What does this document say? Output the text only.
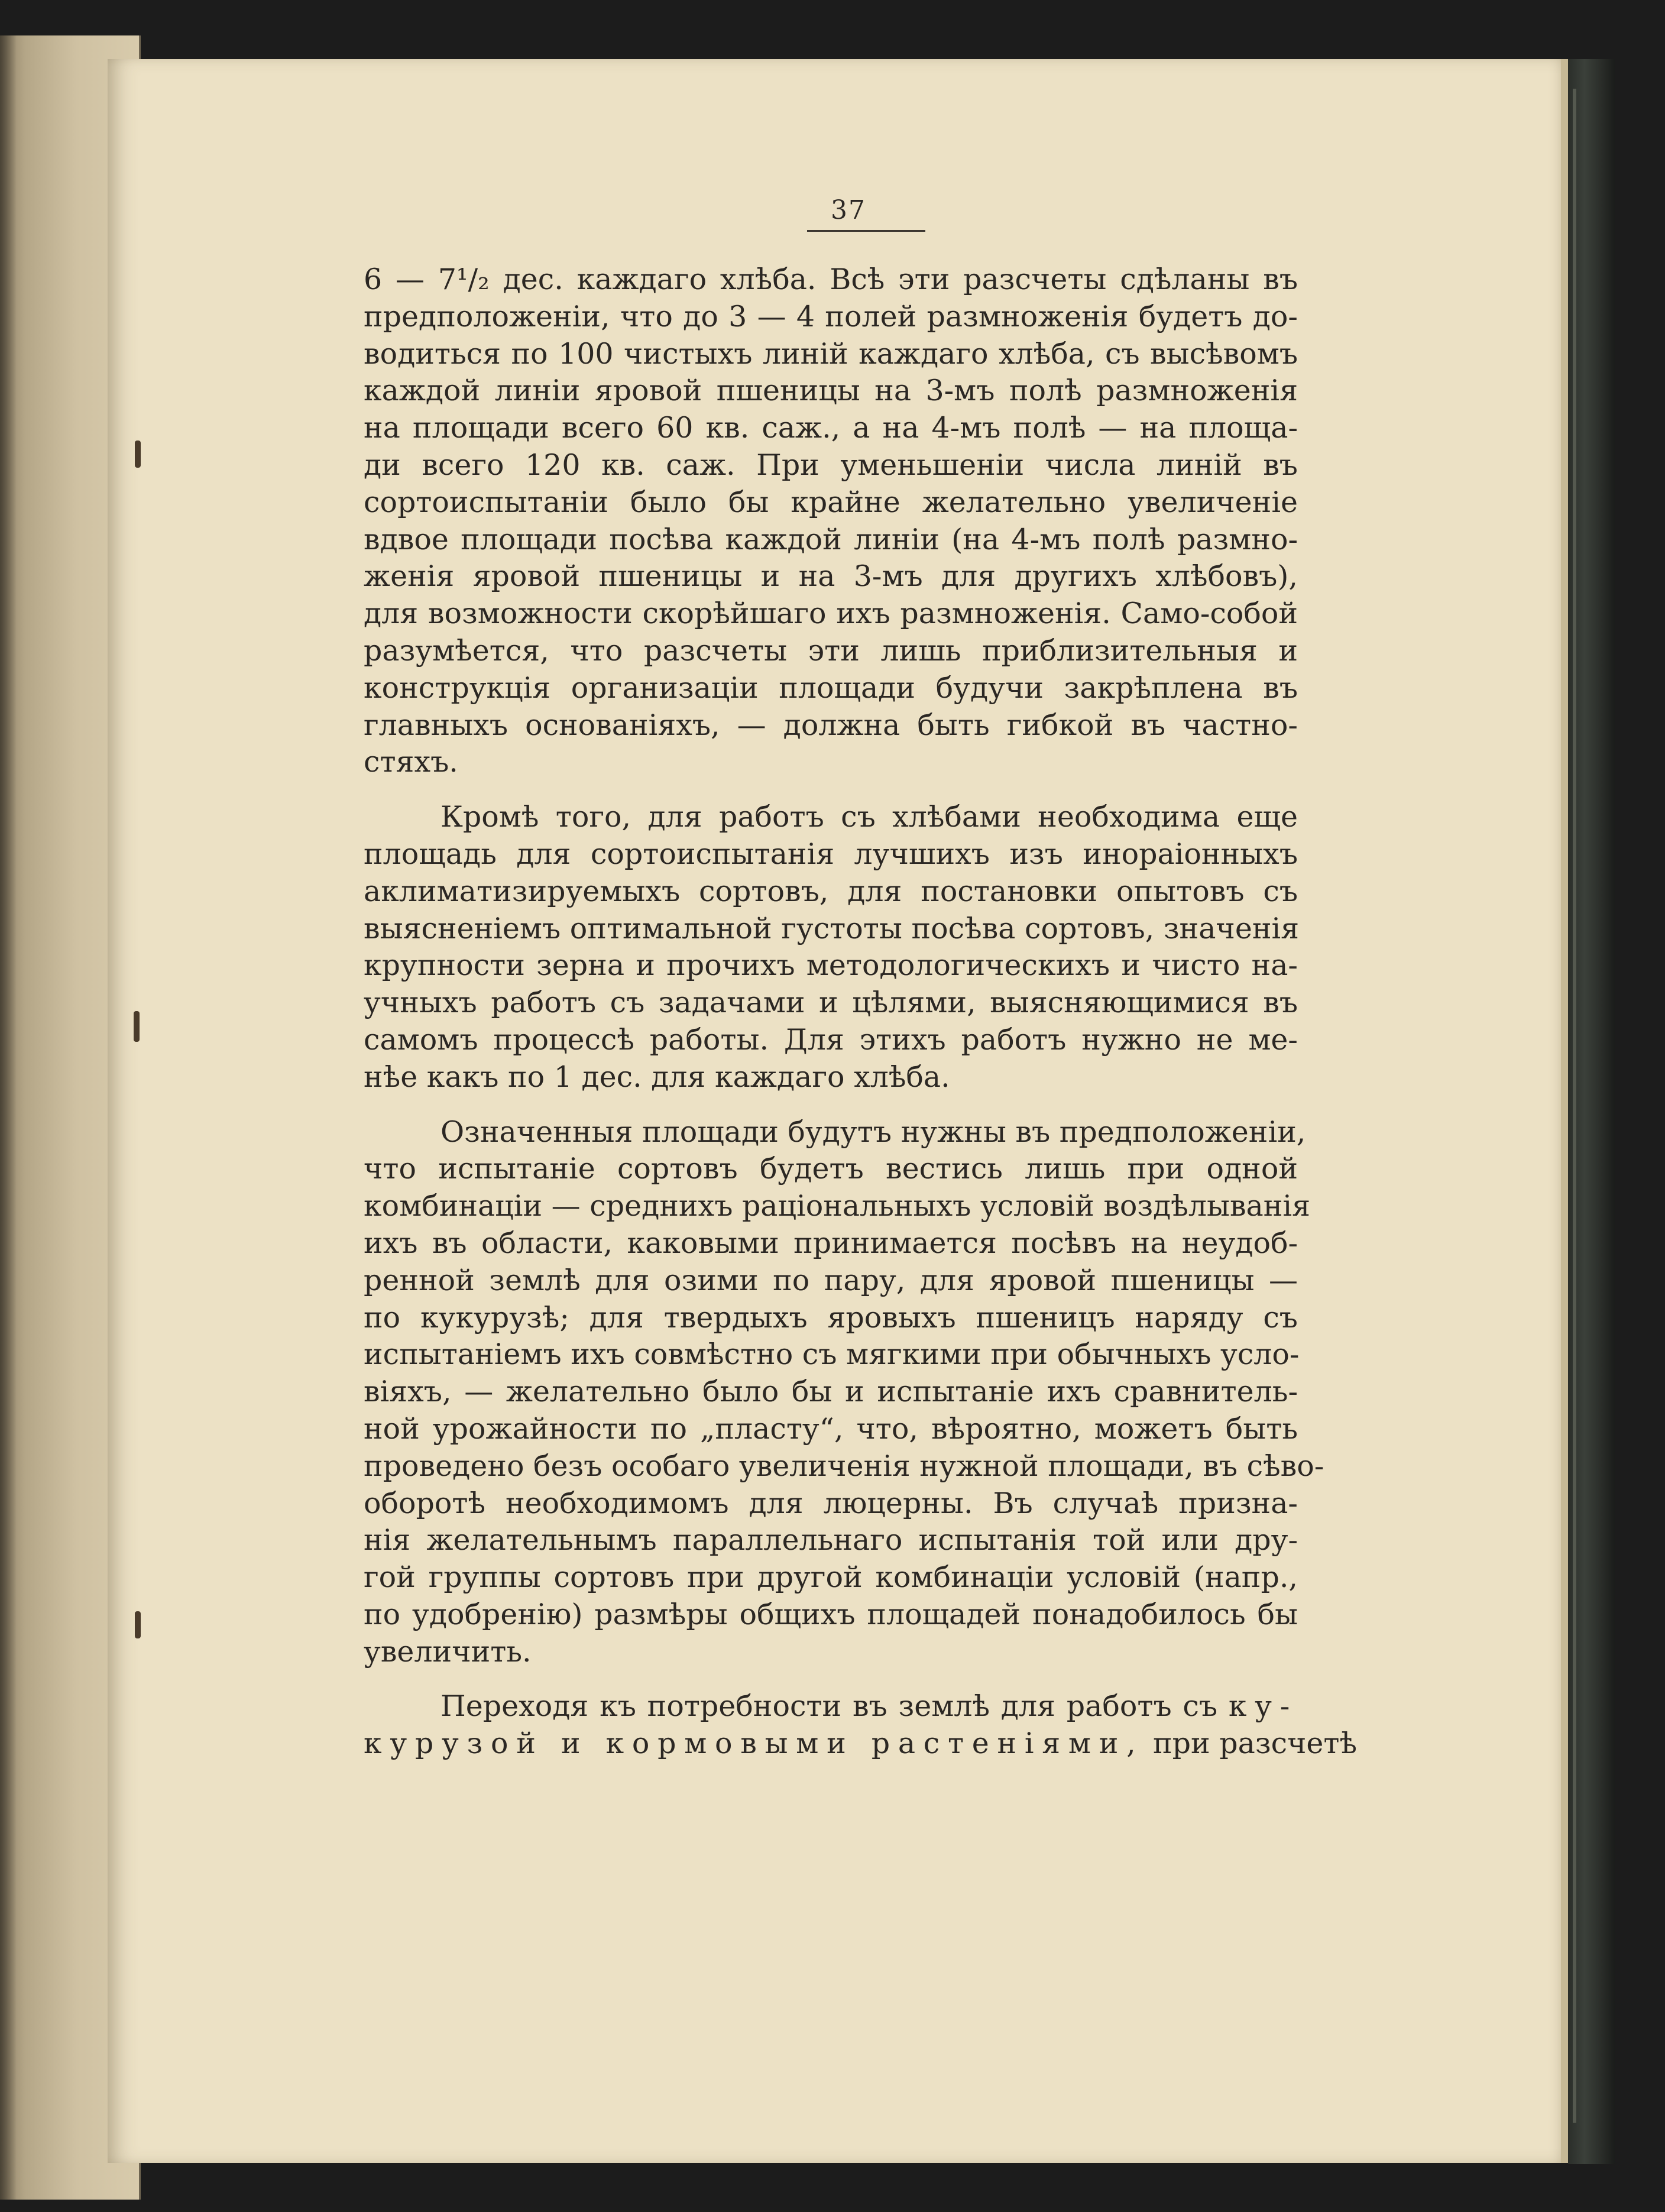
37
6 — 7¹/₂ дес. каждаго хлѣба. Всѣ эти разсчеты сдѣланы въ
предположеніи, что до 3 — 4 полей размноженія будетъ до-
водиться по 100 чистыхъ линій каждаго хлѣба, съ высѣвомъ
каждой линіи яровой пшеницы на 3-мъ полѣ размноженія
на площади всего 60 кв. саж., а на 4-мъ полѣ — на площа-
ди всего 120 кв. саж. При уменьшеніи числа линій въ
сортоиспытаніи было бы крайне желательно увеличеніе
вдвое площади посѣва каждой линіи (на 4-мъ полѣ размно-
женія яровой пшеницы и на 3-мъ для другихъ хлѣбовъ),
для возможности скорѣйшаго ихъ размноженія. Само-собой
разумѣется, что разсчеты эти лишь приблизительныя и
конструкція организаціи площади будучи закрѣплена въ
главныхъ основаніяхъ, — должна быть гибкой въ частно-
стяхъ.
Кромѣ того, для работъ съ хлѣбами необходима еще
площадь для сортоиспытанія лучшихъ изъ инораіонныхъ
аклиматизируемыхъ сортовъ, для постановки опытовъ съ
выясненіемъ оптимальной густоты посѣва сортовъ, значенія
крупности зерна и прочихъ методологическихъ и чисто на-
учныхъ работъ съ задачами и цѣлями, выясняющимися въ
самомъ процессѣ работы. Для этихъ работъ нужно не ме-
нѣе какъ по 1 дес. для каждаго хлѣба.
Означенныя площади будутъ нужны въ предположеніи,
что испытаніе сортовъ будетъ вестись лишь при одной
комбинаціи — среднихъ раціональныхъ условій воздѣлыванія
ихъ въ области, каковыми принимается посѣвъ на неудоб-
ренной землѣ для озими по пару, для яровой пшеницы —
по кукурузѣ; для твердыхъ яровыхъ пшеницъ наряду съ
испытаніемъ ихъ совмѣстно съ мягкими при обычныхъ усло-
віяхъ, — желательно было бы и испытаніе ихъ сравнитель-
ной урожайности по „пласту“, что, вѣроятно, можетъ быть
проведено безъ особаго увеличенія нужной площади, въ сѣво-
оборотѣ необходимомъ для люцерны. Въ случаѣ призна-
нія желательнымъ параллельнаго испытанія той или дру-
гой группы сортовъ при другой комбинаціи условій (напр.,
по удобренію) размѣры общихъ площадей понадобилось бы
увеличить.
Переходя къ потребности въ землѣ для работъ съ ку-
курузой и кормовыми растеніями, при разсчетѣ
